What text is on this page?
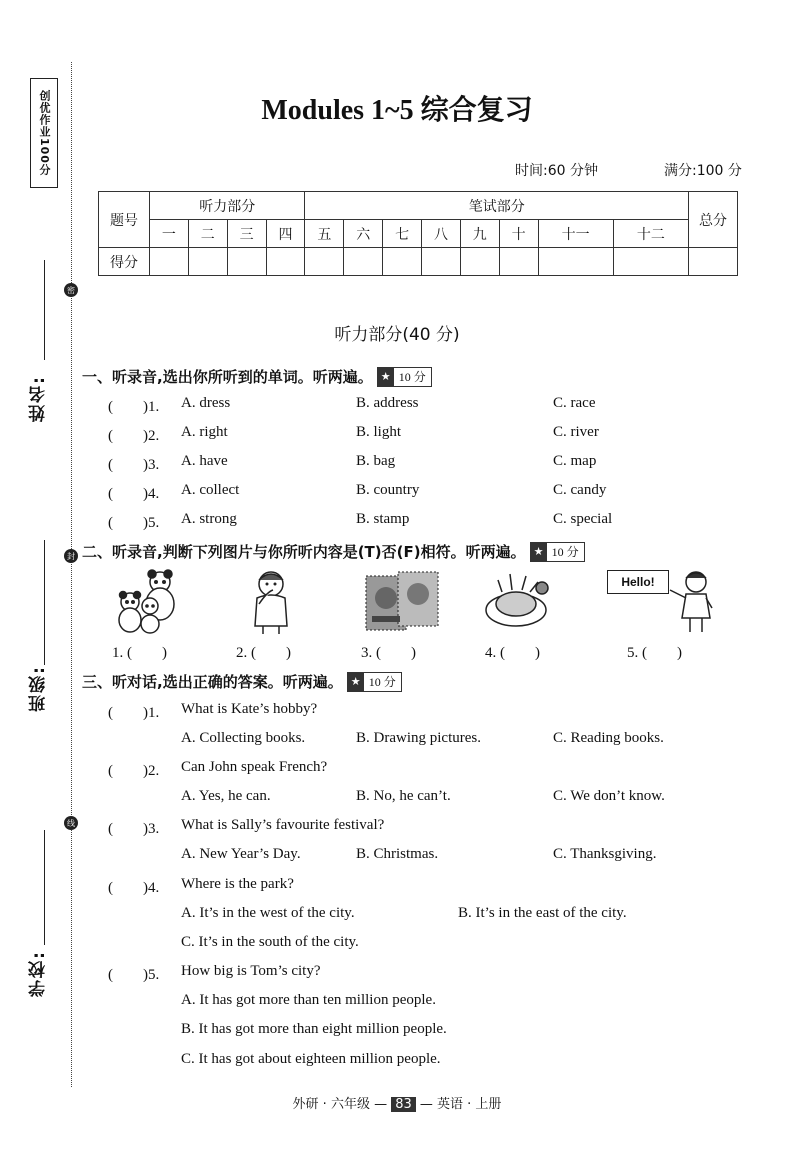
创优作业100分
密
封
线
姓名:
班级:
学校:
Modules 1~5 综合复习
时间:60 分钟	满分:100 分
题号	听力部分				笔试部分								总分
	一	二	三	四	五	六	七	八	九	十	十一	十二	
得分													
听力部分(40 分)
一、听录音,选出你所听到的单词。听两遍。 ★ 10 分
(　　)1. A. dress	B. address	C. race
(　　)2. A. right	B. light	C. river
(　　)3. A. have	B. bag	C. map
(　　)4. A. collect	B. country	C. candy
(　　)5. A. strong	B. stamp	C. special
二、听录音,判断下列图片与你所听内容是(T)否(F)相符。听两遍。 ★ 10 分
Hello!
1. (　　)	2. (　　)	3. (　　)	4. (　　)	5. (　　)
三、听对话,选出正确的答案。听两遍。 ★ 10 分
(　　)1. What is Kate’s hobby?
A. Collecting books.	B. Drawing pictures.	C. Reading books.
(　　)2. Can John speak French?
A. Yes, he can.	B. No, he can’t.	C. We don’t know.
(　　)3. What is Sally’s favourite festival?
A. New Year’s Day.	B. Christmas.	C. Thanksgiving.
(　　)4. Where is the park?
A. It’s in the west of the city.	B. It’s in the east of the city.
C. It’s in the south of the city.
(　　)5. How big is Tom’s city?
A. It has got more than ten million people.
B. It has got more than eight million people.
C. It has got about eighteen million people.
外研 · 六年级 — 83 — 英语 · 上册
